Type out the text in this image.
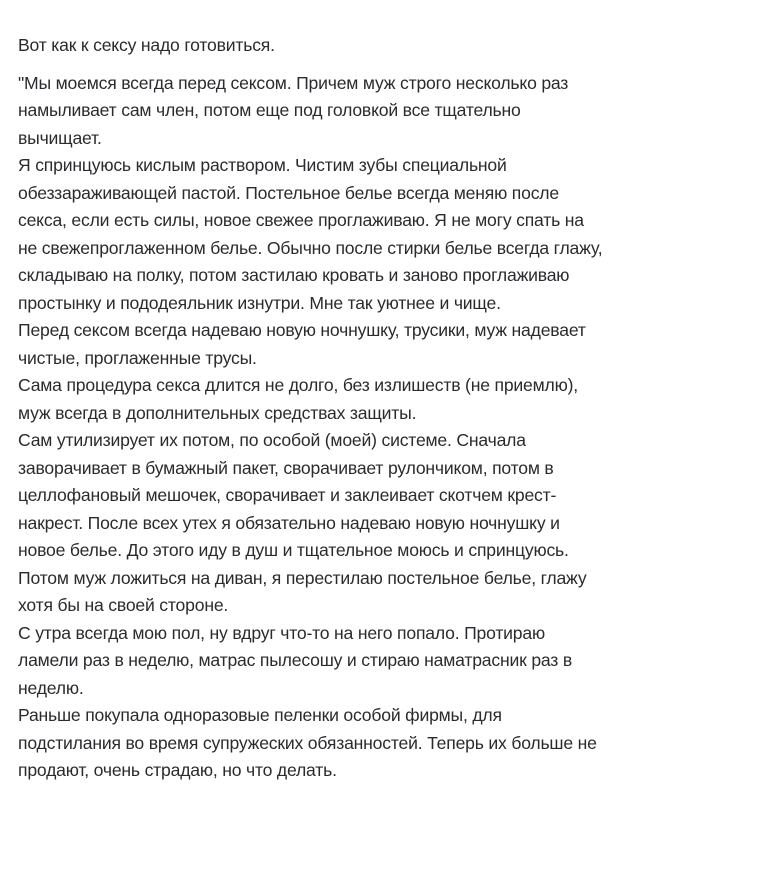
Вот как к сексу надо готовиться.

"Мы моемся всегда перед сексом. Причем муж строго несколько раз
намыливает сам член, потом еще под головкой все тщательно
вычищает.

Я спринцуюсь кислым раствором. Чистим зубы специальной
обеззараживающей пастой. Постельное белье всегда меняю после
секса, если есть силы, новое свежее проглаживаю. Я не могу спать на
не свежепроглаженном белье. Обычно после стирки белье всегда глажу,
складываю на полку, потом застилаю кровать и заново проглаживаю
простынку и пододеяльник изнутри. Мне так уютнее и чище.

Перед сексом всегда надеваю новую ночнушку, трусики, муж надевает
чистые, проглаженные трусы.

Сама процедура секса длится не долго, без излишеств (не приемлю),
муж всегда в дополнительных средствах защиты.

Сам утилизирует их потом, по особой (моей) системе. Сначала
заворачивает в бумажный пакет, сворачивает рулончиком, потом в
целлофановый мешочек, сворачивает и заклеивает скотчем крест-
накрест. После всех утех я обязательно надеваю новую ночнушку и
новое белье. До этого иду в душ и тщательное моюсь и спринцуюсь.

Потом муж ложиться на диван, я перестилаю постельное белье, глажу
хотя бы на своей стороне.

С утра всегда мою пол, ну вдруг что-то на него попало. Протираю
ламели раз в неделю, матрас пылесошу и стираю наматрасник раз в
неделю.

Раньше покупала одноразовые пеленки особой фирмы, для
подстилания во время супружеских обязанностей. Теперь их больше не
продают, очень страдаю, но что делать.
